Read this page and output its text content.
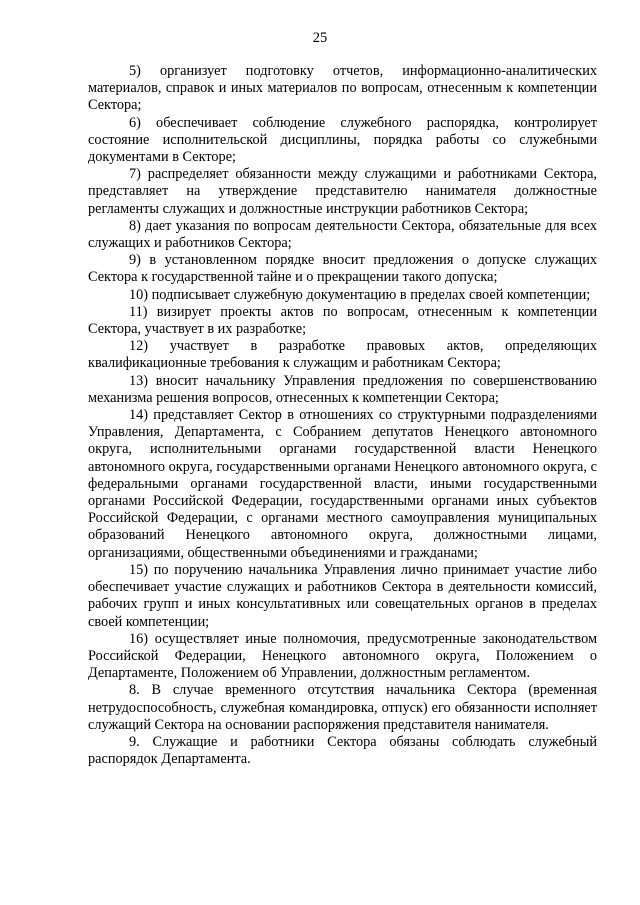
25

5) организует подготовку отчетов, информационно-аналитических материалов, справок и иных материалов по вопросам, отнесенным к компетенции Сектора;

6) обеспечивает соблюдение служебного распорядка, контролирует состояние исполнительской дисциплины, порядка работы со служебными документами в Секторе;

7) распределяет обязанности между служащими и работниками Сектора, представляет на утверждение представителю нанимателя должностные регламенты служащих и должностные инструкции работников Сектора;

8) дает указания по вопросам деятельности Сектора, обязательные для всех служащих и работников Сектора;

9) в установленном порядке вносит предложения о допуске служащих Сектора к государственной тайне и о прекращении такого допуска;

10) подписывает служебную документацию в пределах своей компетенции;

11) визирует проекты актов по вопросам, отнесенным к компетенции Сектора, участвует в их разработке;

12) участвует в разработке правовых актов, определяющих квалификационные требования к служащим и работникам Сектора;

13) вносит начальнику Управления предложения по совершенствованию механизма решения вопросов, отнесенных к компетенции Сектора;

14) представляет Сектор в отношениях со структурными подразделениями Управления, Департамента, с Собранием депутатов Ненецкого автономного округа, исполнительными органами государственной власти Ненецкого автономного округа, государственными органами Ненецкого автономного округа, с федеральными органами государственной власти, иными государственными органами Российской Федерации, государственными органами иных субъектов Российской Федерации, с органами местного самоуправления муниципальных образований Ненецкого автономного округа, должностными лицами, организациями, общественными объединениями и гражданами;

15) по поручению начальника Управления лично принимает участие либо обеспечивает участие служащих и работников Сектора в деятельности комиссий, рабочих групп и иных консультативных или совещательных органов в пределах своей компетенции;

16) осуществляет иные полномочия, предусмотренные законодательством Российской Федерации, Ненецкого автономного округа, Положением о Департаменте, Положением об Управлении, должностным регламентом.

8. В случае временного отсутствия начальника Сектора (временная нетрудоспособность, служебная командировка, отпуск) его обязанности исполняет служащий Сектора на основании распоряжения представителя нанимателя.

9. Служащие и работники Сектора обязаны соблюдать служебный распорядок Департамента.
